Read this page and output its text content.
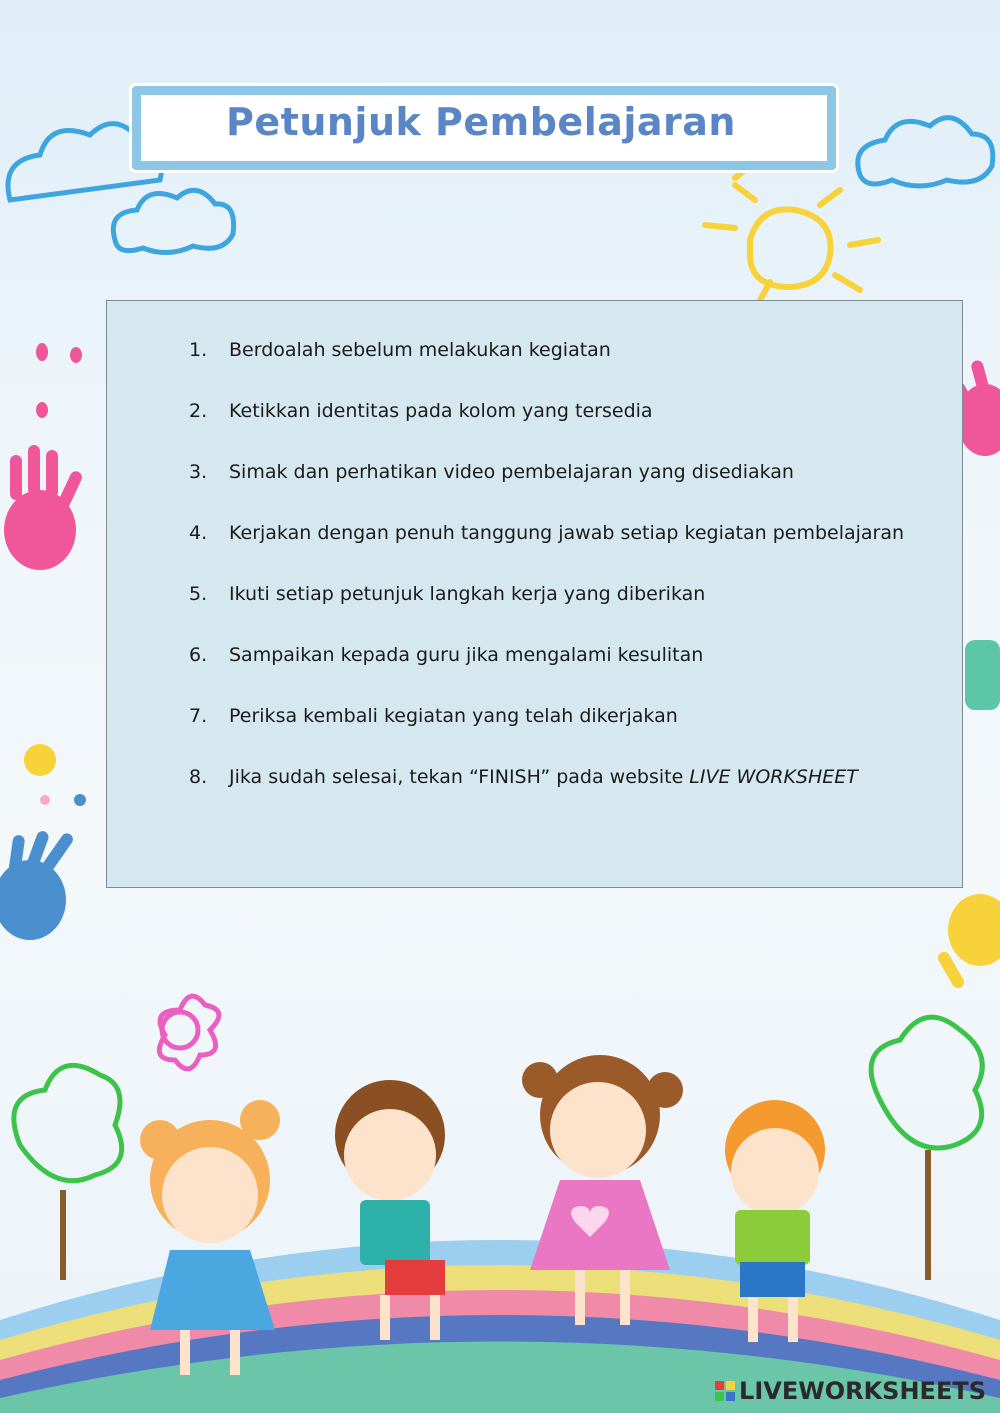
Petunjuk Pembelajaran
1.	Berdoalah sebelum melakukan kegiatan
2.	Ketikkan identitas pada kolom yang tersedia
3.	Simak dan perhatikan video pembelajaran yang disediakan
4.	Kerjakan dengan penuh tanggung jawab setiap kegiatan pembelajaran
5.	Ikuti setiap petunjuk langkah kerja yang diberikan
6.	Sampaikan kepada guru jika mengalami kesulitan
7.	Periksa kembali kegiatan yang telah dikerjakan
8.	Jika sudah selesai, tekan “FINISH” pada website LIVE WORKSHEET
LIVEWORKSHEETS
